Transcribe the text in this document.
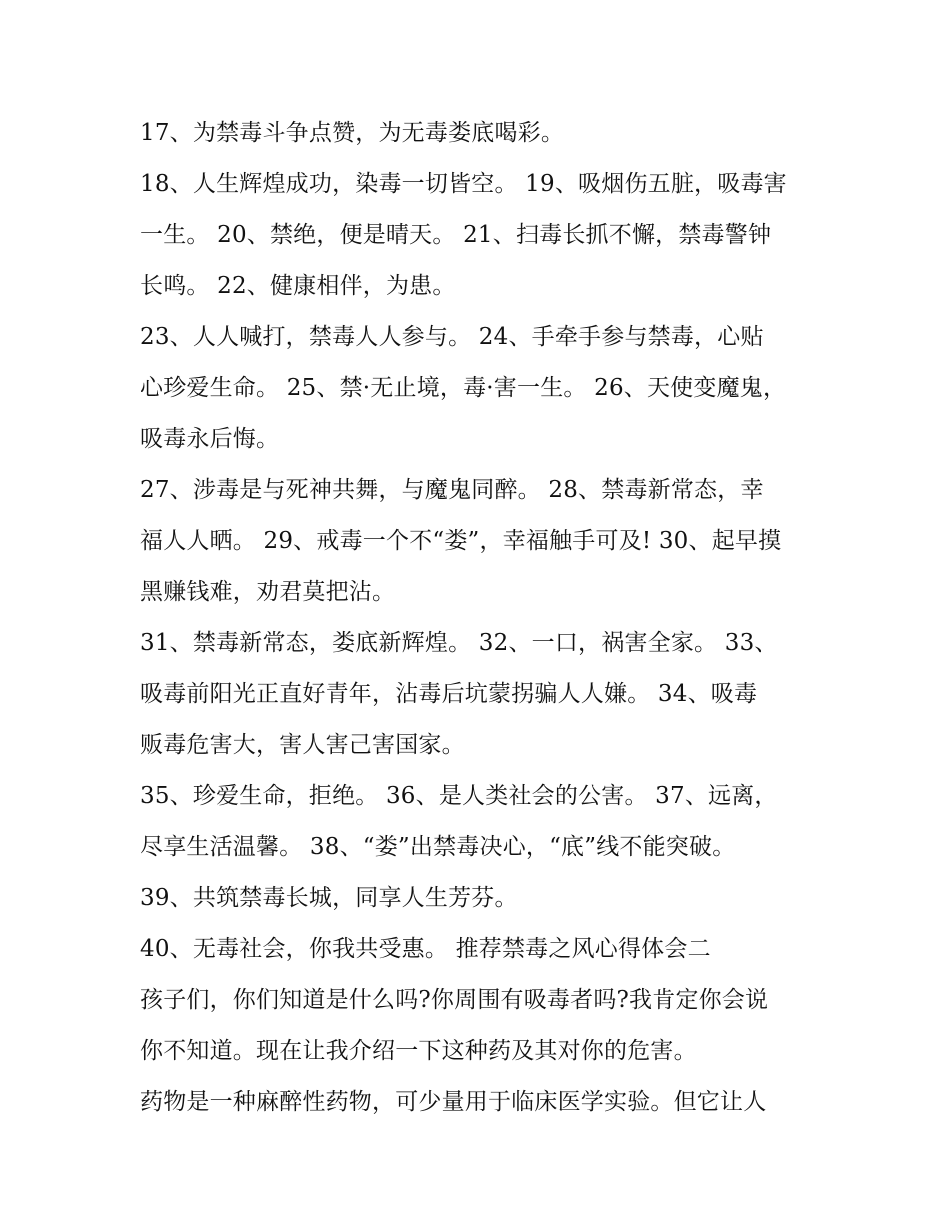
17、为禁毒斗争点赞，为无毒娄底喝彩。
18、人生辉煌成功，染毒一切皆空。 19、吸烟伤五脏，吸毒害
一生。 20、禁绝，便是晴天。 21、扫毒长抓不懈，禁毒警钟
长鸣。 22、健康相伴，为患。
23、人人喊打，禁毒人人参与。 24、手牵手参与禁毒，心贴
心珍爱生命。 25、禁·无止境，毒·害一生。 26、天使变魔鬼，
吸毒永后悔。
27、涉毒是与死神共舞，与魔鬼同醉。 28、禁毒新常态，幸
福人人晒。 29、戒毒一个不“娄”，幸福触手可及! 30、起早摸
黑赚钱难，劝君莫把沾。
31、禁毒新常态，娄底新辉煌。 32、一口，祸害全家。 33、
吸毒前阳光正直好青年，沾毒后坑蒙拐骗人人嫌。 34、吸毒
贩毒危害大，害人害己害国家。
35、珍爱生命，拒绝。 36、是人类社会的公害。 37、远离，
尽享生活温馨。 38、“娄”出禁毒决心，“底”线不能突破。
39、共筑禁毒长城，同享人生芳芬。
40、无毒社会，你我共受惠。 推荐禁毒之风心得体会二
孩子们，你们知道是什么吗?你周围有吸毒者吗?我肯定你会说
你不知道。现在让我介绍一下这种药及其对你的危害。
药物是一种麻醉性药物，可少量用于临床医学实验。但它让人
